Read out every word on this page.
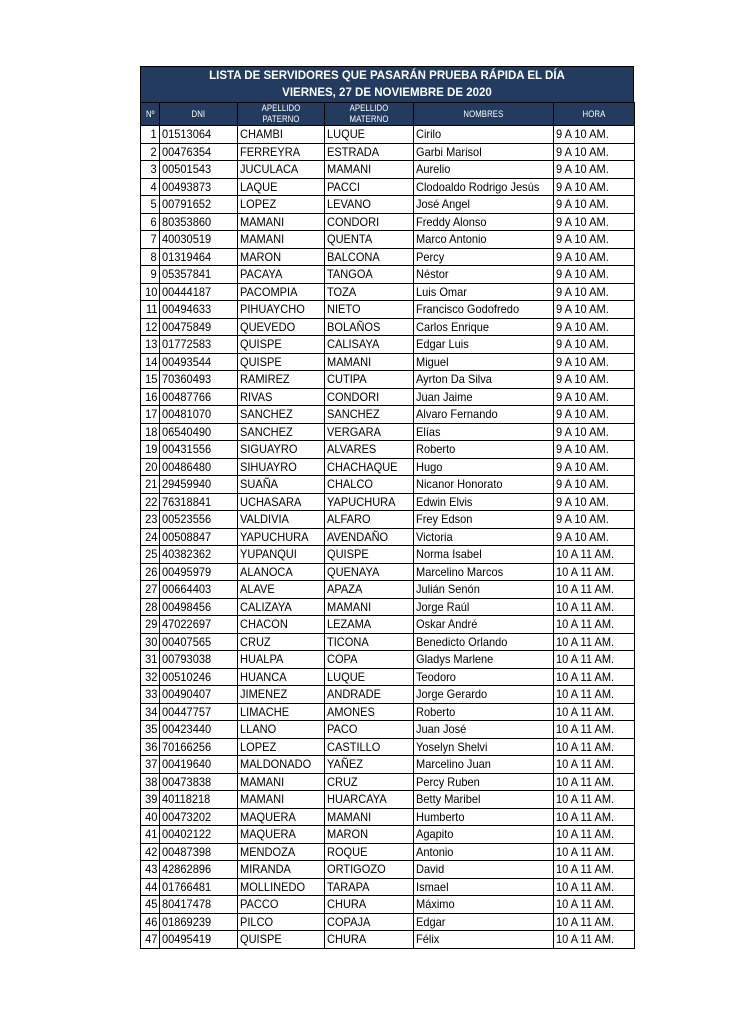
LISTA DE SERVIDORES QUE PASARÁN PRUEBA RÁPIDA EL DÍA
VIERNES, 27 DE NOVIEMBRE DE 2020
Nº	DNI	APELLIDO PATERNO	APELLIDO MATERNO	NOMBRES	HORA
1	01513064	CHAMBI	LUQUE	Cirilo	9 A 10 AM.
2	00476354	FERREYRA	ESTRADA	Garbi Marisol	9 A 10 AM.
3	00501543	JUCULACA	MAMANI	Aurelio	9 A 10 AM.
4	00493873	LAQUE	PACCI	Clodoaldo Rodrigo Jesús	9 A 10 AM.
5	00791652	LOPEZ	LEVANO	José Angel	9 A 10 AM.
6	80353860	MAMANI	CONDORI	Freddy Alonso	9 A 10 AM.
7	40030519	MAMANI	QUENTA	Marco Antonio	9 A 10 AM.
8	01319464	MARON	BALCONA	Percy	9 A 10 AM.
9	05357841	PACAYA	TANGOA	Néstor	9 A 10 AM.
10	00444187	PACOMPIA	TOZA	Luis Omar	9 A 10 AM.
11	00494633	PIHUAYCHO	NIETO	Francisco Godofredo	9 A 10 AM.
12	00475849	QUEVEDO	BOLAÑOS	Carlos Enrique	9 A 10 AM.
13	01772583	QUISPE	CALISAYA	Edgar Luis	9 A 10 AM.
14	00493544	QUISPE	MAMANI	Miguel	9 A 10 AM.
15	70360493	RAMIREZ	CUTIPA	Ayrton Da Silva	9 A 10 AM.
16	00487766	RIVAS	CONDORI	Juan Jaime	9 A 10 AM.
17	00481070	SANCHEZ	SANCHEZ	Alvaro Fernando	9 A 10 AM.
18	06540490	SANCHEZ	VERGARA	Elías	9 A 10 AM.
19	00431556	SIGUAYRO	ALVARES	Roberto	9 A 10 AM.
20	00486480	SIHUAYRO	CHACHAQUE	Hugo	9 A 10 AM.
21	29459940	SUAÑA	CHALCO	Nicanor Honorato	9 A 10 AM.
22	76318841	UCHASARA	YAPUCHURA	Edwin Elvis	9 A 10 AM.
23	00523556	VALDIVIA	ALFARO	Frey Edson	9 A 10 AM.
24	00508847	YAPUCHURA	AVENDAÑO	Victoria	9 A 10 AM.
25	40382362	YUPANQUI	QUISPE	Norma Isabel	10 A 11 AM.
26	00495979	ALANOCA	QUENAYA	Marcelino Marcos	10 A 11 AM.
27	00664403	ALAVE	APAZA	Julián Senón	10 A 11 AM.
28	00498456	CALIZAYA	MAMANI	Jorge Raúl	10 A 11 AM.
29	47022697	CHACON	LEZAMA	Oskar André	10 A 11 AM.
30	00407565	CRUZ	TICONA	Benedicto Orlando	10 A 11 AM.
31	00793038	HUALPA	COPA	Gladys Marlene	10 A 11 AM.
32	00510246	HUANCA	LUQUE	Teodoro	10 A 11 AM.
33	00490407	JIMENEZ	ANDRADE	Jorge Gerardo	10 A 11 AM.
34	00447757	LIMACHE	AMONES	Roberto	10 A 11 AM.
35	00423440	LLANO	PACO	Juan José	10 A 11 AM.
36	70166256	LOPEZ	CASTILLO	Yoselyn Shelvi	10 A 11 AM.
37	00419640	MALDONADO	YAÑEZ	Marcelino Juan	10 A 11 AM.
38	00473838	MAMANI	CRUZ	Percy Ruben	10 A 11 AM.
39	40118218	MAMANI	HUARCAYA	Betty Maribel	10 A 11 AM.
40	00473202	MAQUERA	MAMANI	Humberto	10 A 11 AM.
41	00402122	MAQUERA	MARON	Agapito	10 A 11 AM.
42	00487398	MENDOZA	ROQUE	Antonio	10 A 11 AM.
43	42862896	MIRANDA	ORTIGOZO	David	10 A 11 AM.
44	01766481	MOLLINEDO	TARAPA	Ismael	10 A 11 AM.
45	80417478	PACCO	CHURA	Máximo	10 A 11 AM.
46	01869239	PILCO	COPAJA	Edgar	10 A 11 AM.
47	00495419	QUISPE	CHURA	Félix	10 A 11 AM.
